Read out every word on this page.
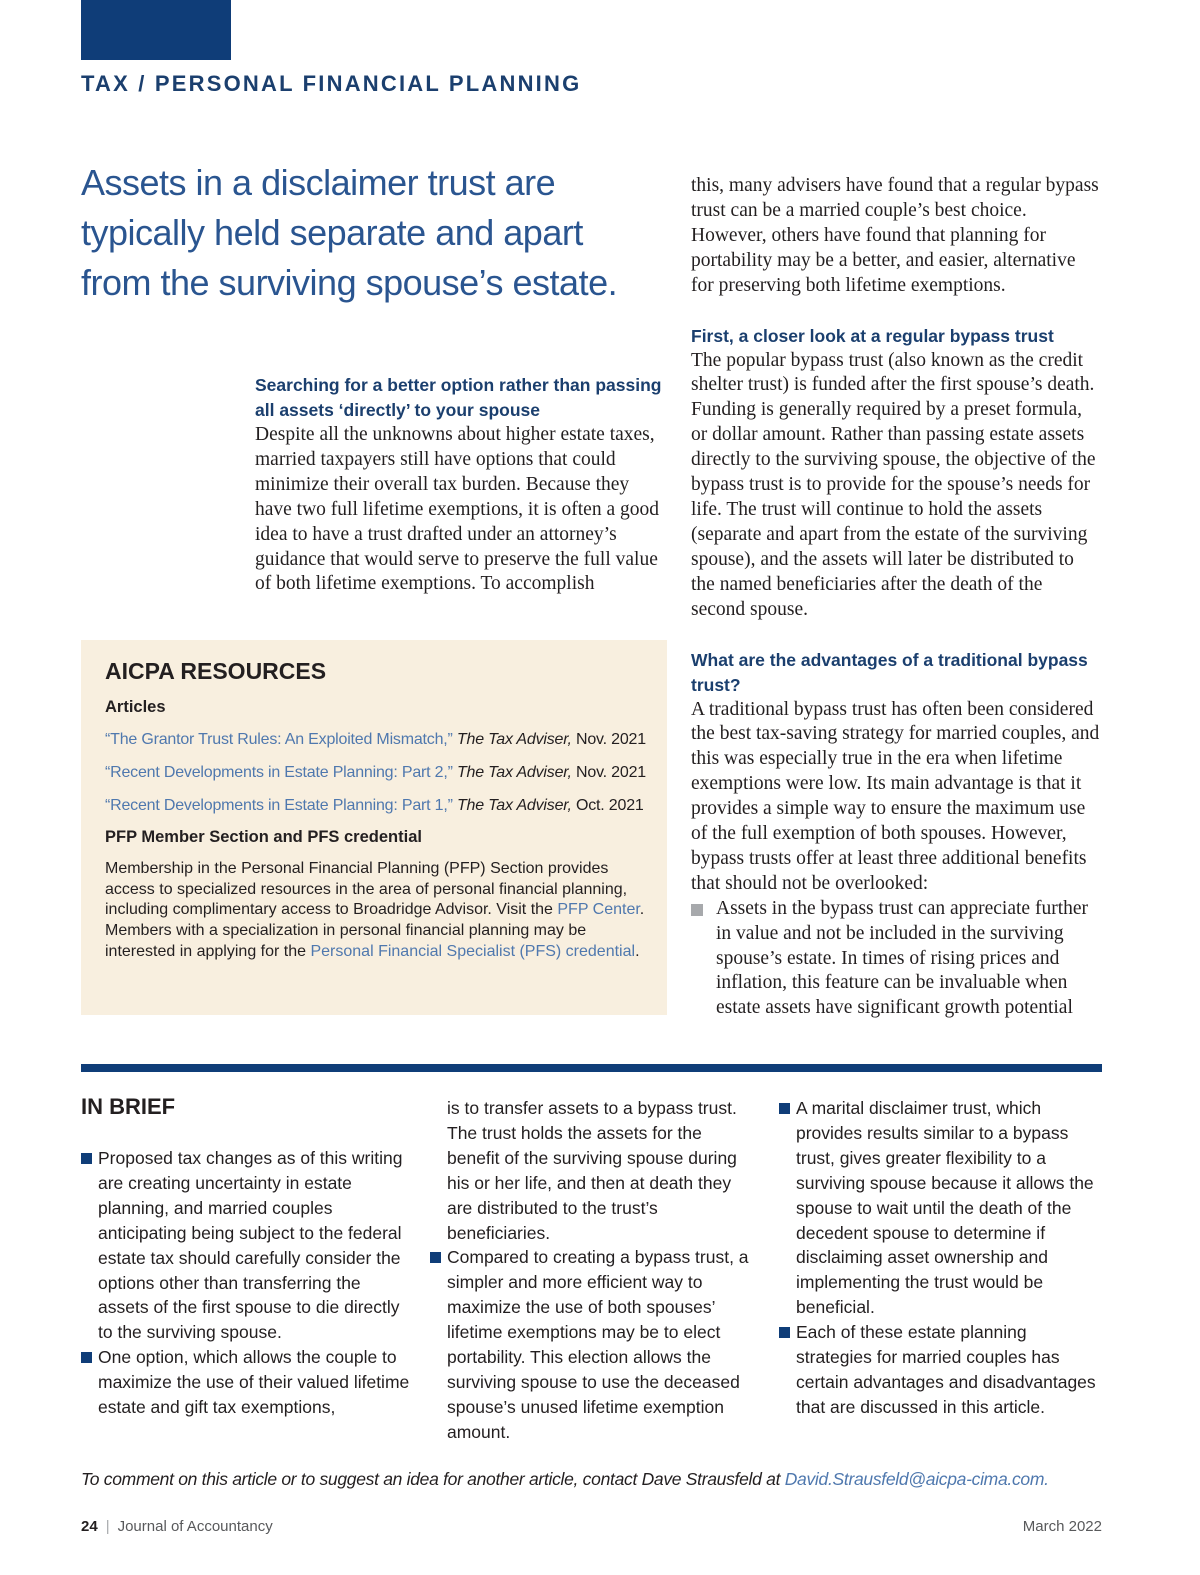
TAX / PERSONAL FINANCIAL PLANNING
Assets in a disclaimer trust are typically held separate and apart from the surviving spouse’s estate.
Searching for a better option rather than passing all assets ‘directly’ to your spouse

Despite all the unknowns about higher estate taxes, married taxpayers still have options that could minimize their overall tax burden. Because they have two full lifetime exemptions, it is often a good idea to have a trust drafted under an attorney’s guidance that would serve to preserve the full value of both lifetime exemptions. To accomplish

this, many advisers have found that a regular bypass trust can be a married couple’s best choice. However, others have found that planning for portability may be a better, and easier, alternative for preserving both lifetime exemptions.

First, a closer look at a regular bypass trust

The popular bypass trust (also known as the credit shelter trust) is funded after the first spouse’s death. Funding is generally required by a preset formula, or dollar amount. Rather than passing estate assets directly to the surviving spouse, the objective of the bypass trust is to provide for the spouse’s needs for life. The trust will continue to hold the assets (separate and apart from the estate of the surviving spouse), and the assets will later be distributed to the named beneficiaries after the death of the second spouse.

What are the advantages of a traditional bypass trust?

A traditional bypass trust has often been considered the best tax-saving strategy for married couples, and this was especially true in the era when lifetime exemptions were low. Its main advantage is that it provides a simple way to ensure the maximum use of the full exemption of both spouses. However, bypass trusts offer at least three additional benefits that should not be overlooked:

Assets in the bypass trust can appreciate further in value and not be included in the surviving spouse’s estate. In times of rising prices and inflation, this feature can be invaluable when estate assets have significant growth potential
AICPA RESOURCES
Articles
“The Grantor Trust Rules: An Exploited Mismatch,” The Tax Adviser, Nov. 2021
“Recent Developments in Estate Planning: Part 2,” The Tax Adviser, Nov. 2021
“Recent Developments in Estate Planning: Part 1,” The Tax Adviser, Oct. 2021
PFP Member Section and PFS credential

Membership in the Personal Financial Planning (PFP) Section provides access to specialized resources in the area of personal financial planning, including complimentary access to Broadridge Advisor. Visit the PFP Center. Members with a specialization in personal financial planning may be interested in applying for the Personal Financial Specialist (PFS) credential.

IN BRIEF
Proposed tax changes as of this writing are creating uncertainty in estate planning, and married couples anticipating being subject to the federal estate tax should carefully consider the options other than transferring the assets of the first spouse to die directly to the surviving spouse.
One option, which allows the couple to maximize the use of their valued lifetime estate and gift tax exemptions,
is to transfer assets to a bypass trust. The trust holds the assets for the benefit of the surviving spouse during his or her life, and then at death they are distributed to the trust’s beneficiaries.
Compared to creating a bypass trust, a simpler and more efficient way to maximize the use of both spouses’ lifetime exemptions may be to elect portability. This election allows the surviving spouse to use the deceased spouse’s unused lifetime exemption amount.
A marital disclaimer trust, which provides results similar to a bypass trust, gives greater flexibility to a surviving spouse because it allows the spouse to wait until the death of the decedent spouse to determine if disclaiming asset ownership and implementing the trust would be beneficial.
Each of these estate planning strategies for married couples has certain advantages and disadvantages that are discussed in this article.
To comment on this article or to suggest an idea for another article, contact Dave Strausfeld at David.Strausfeld@aicpa-cima.com.
24 | Journal of Accountancy	March 2022
